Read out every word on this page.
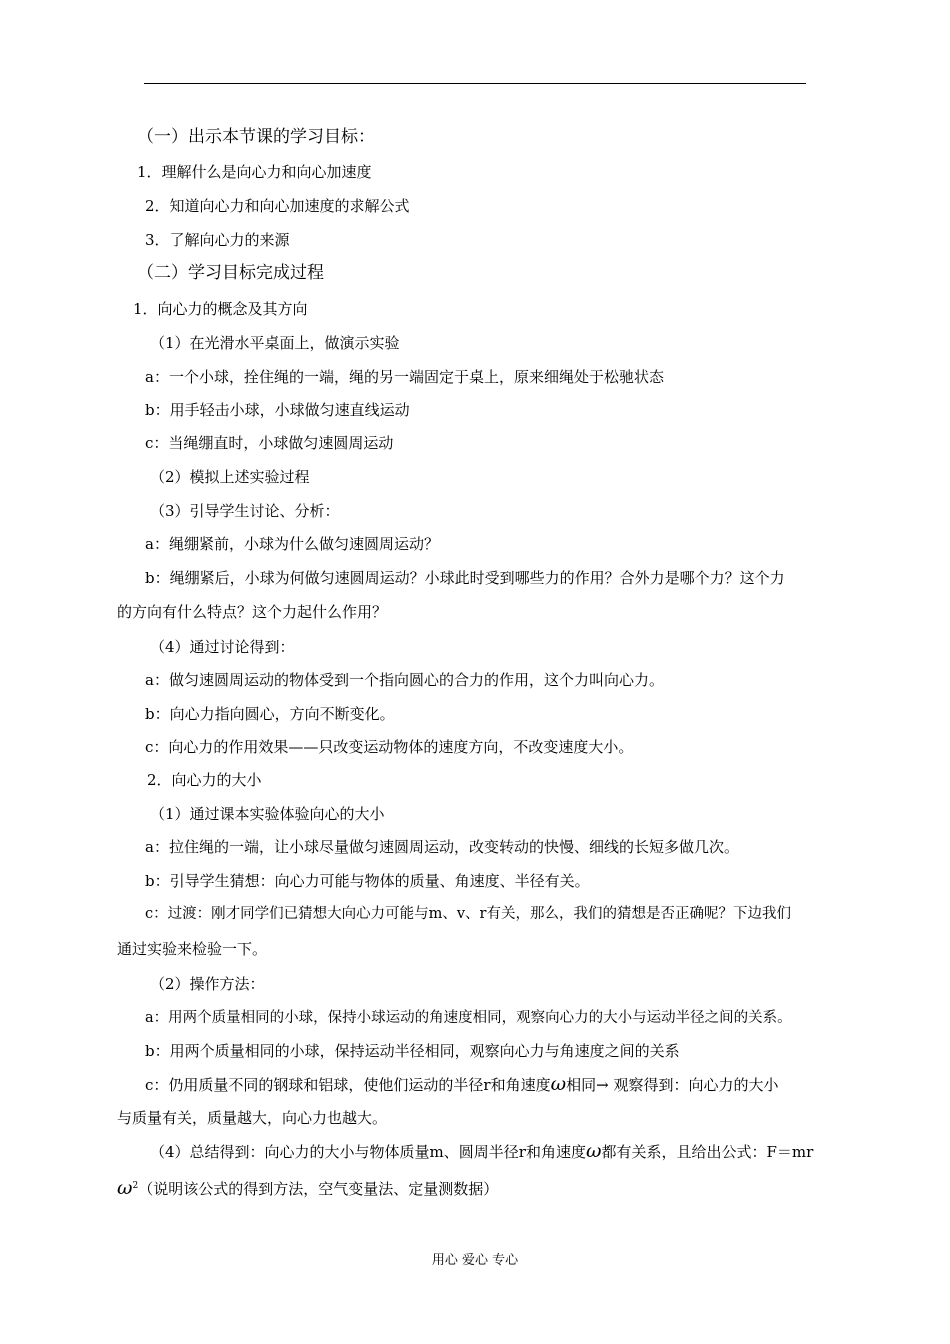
（一）出示本节课的学习目标：
1．理解什么是向心力和向心加速度
2．知道向心力和向心加速度的求解公式
3．了解向心力的来源
（二）学习目标完成过程
1．向心力的概念及其方向
（1）在光滑水平桌面上，做演示实验
a：一个小球，拴住绳的一端，绳的另一端固定于桌上，原来细绳处于松驰状态
b：用手轻击小球，小球做匀速直线运动
c：当绳绷直时，小球做匀速圆周运动
（2）模拟上述实验过程
（3）引导学生讨论、分析：
a：绳绷紧前，小球为什么做匀速圆周运动？
b：绳绷紧后，小球为何做匀速圆周运动？小球此时受到哪些力的作用？合外力是哪个力？这个力
的方向有什么特点？这个力起什么作用？
（4）通过讨论得到：
a：做匀速圆周运动的物体受到一个指向圆心的合力的作用，这个力叫向心力。
b：向心力指向圆心，方向不断变化。
c：向心力的作用效果——只改变运动物体的速度方向，不改变速度大小。
2．向心力的大小
（1）通过课本实验体验向心的大小
a：拉住绳的一端，让小球尽量做匀速圆周运动，改变转动的快慢、细线的长短多做几次。
b：引导学生猜想：向心力可能与物体的质量、角速度、半径有关。
c：过渡：刚才同学们已猜想大向心力可能与m、v、r有关，那么，我们的猜想是否正确呢？下边我们
通过实验来检验一下。
（2）操作方法：
a：用两个质量相同的小球，保持小球运动的角速度相同，观察向心力的大小与运动半径之间的关系。
b：用两个质量相同的小球，保持运动半径相同，观察向心力与角速度之间的关系
c：仍用质量不同的钢球和铝球，使他们运动的半径r和角速度ω相同→ 观察得到：向心力的大小
与质量有关，质量越大，向心力也越大。
（4）总结得到：向心力的大小与物体质量m、圆周半径r和角速度ω都有关系，且给出公式：F＝mr
$\omega^2$（说明该公式的得到方法，空气变量法、定量测数据）
用心 爱心 专心
